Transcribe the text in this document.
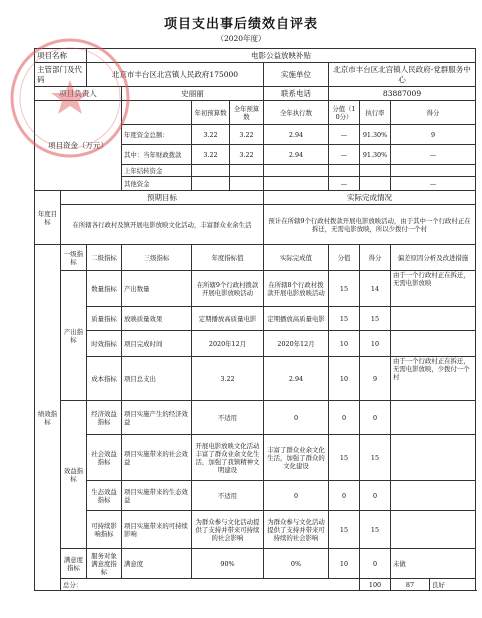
项目支出事后绩效自评表
（2020年度）
项目名称		电影公益放映补贴								
主管部门及代码		北京市丰台区北宫镇人民政府175000				实施单位	北京市丰台区北宫镇人民政府-党群服务中心			
项目负责人			史丽丽			联系电话	83887009			
项目资金（万元）				年初预算数	全年预算数	全年执行数	分值（10分）	执行率	得分	
			年度资金总额：	3.22	3.22	2.94	—	91.30%	9	
			其中：当年财政拨款	3.22	3.22	2.94	—	91.30%	—	
			上年结转资金							
			其他资金				—		—	
年度目标	预期目标					实际完成情况				
	在所辖各行政村及镇开展电影放映文化活动，丰富群众业余生活					预计在所辖9个行政村拨款开展电影放映活动，由于其中一个行政村正在拆迁，无需电影放映，所以少拨付一个村				
绩效指标	一级指标	二级指标	三级指标	年度指标值		实际完成值	分值	得分	偏差原因分析及改进措施	
	产出指标	数量指标	产出数量	在所辖9个行政村拨款开展电影放映活动		在所辖8个行政村拨款开展电影放映活动	15	14	由于一个行政村正在拆迁，无需电影放映	
		质量指标	放映质量效果	定期播放高质量电影		定期播放高质量电影	15	15		
		时效指标	项目完成时间	2020年12月		2020年12月	10	10		
		成本指标	项目总支出	3.22		2.94	10	9	由于一个行政村正在拆迁，无需电影放映，少拨付一个村	
	效益指标	经济效益指标	项目实施产生的经济效益	不适用		0	0	0		
		社会效益指标	项目实施带来的社会效益	开展电影放映文化活动丰富了群众业余文化生活，加强了我镇精神文明建设		丰富了群众业余文化生活，加强了群众的文化建设	15	15		
		生态效益指标	项目实施带来的生态效益	不适用		0	0	0		
		可持续影响指标	项目实施带来的可持续影响	为群众参与文化活动提供了支持并带来可持续的社会影响		为群众参与文化活动提供了支持并带来可持续的社会影响	15	15		
	满意度指标	服务对象满意度指标	满意度	90%		0%	10	0	未做	
	总分：							100	87	良好
